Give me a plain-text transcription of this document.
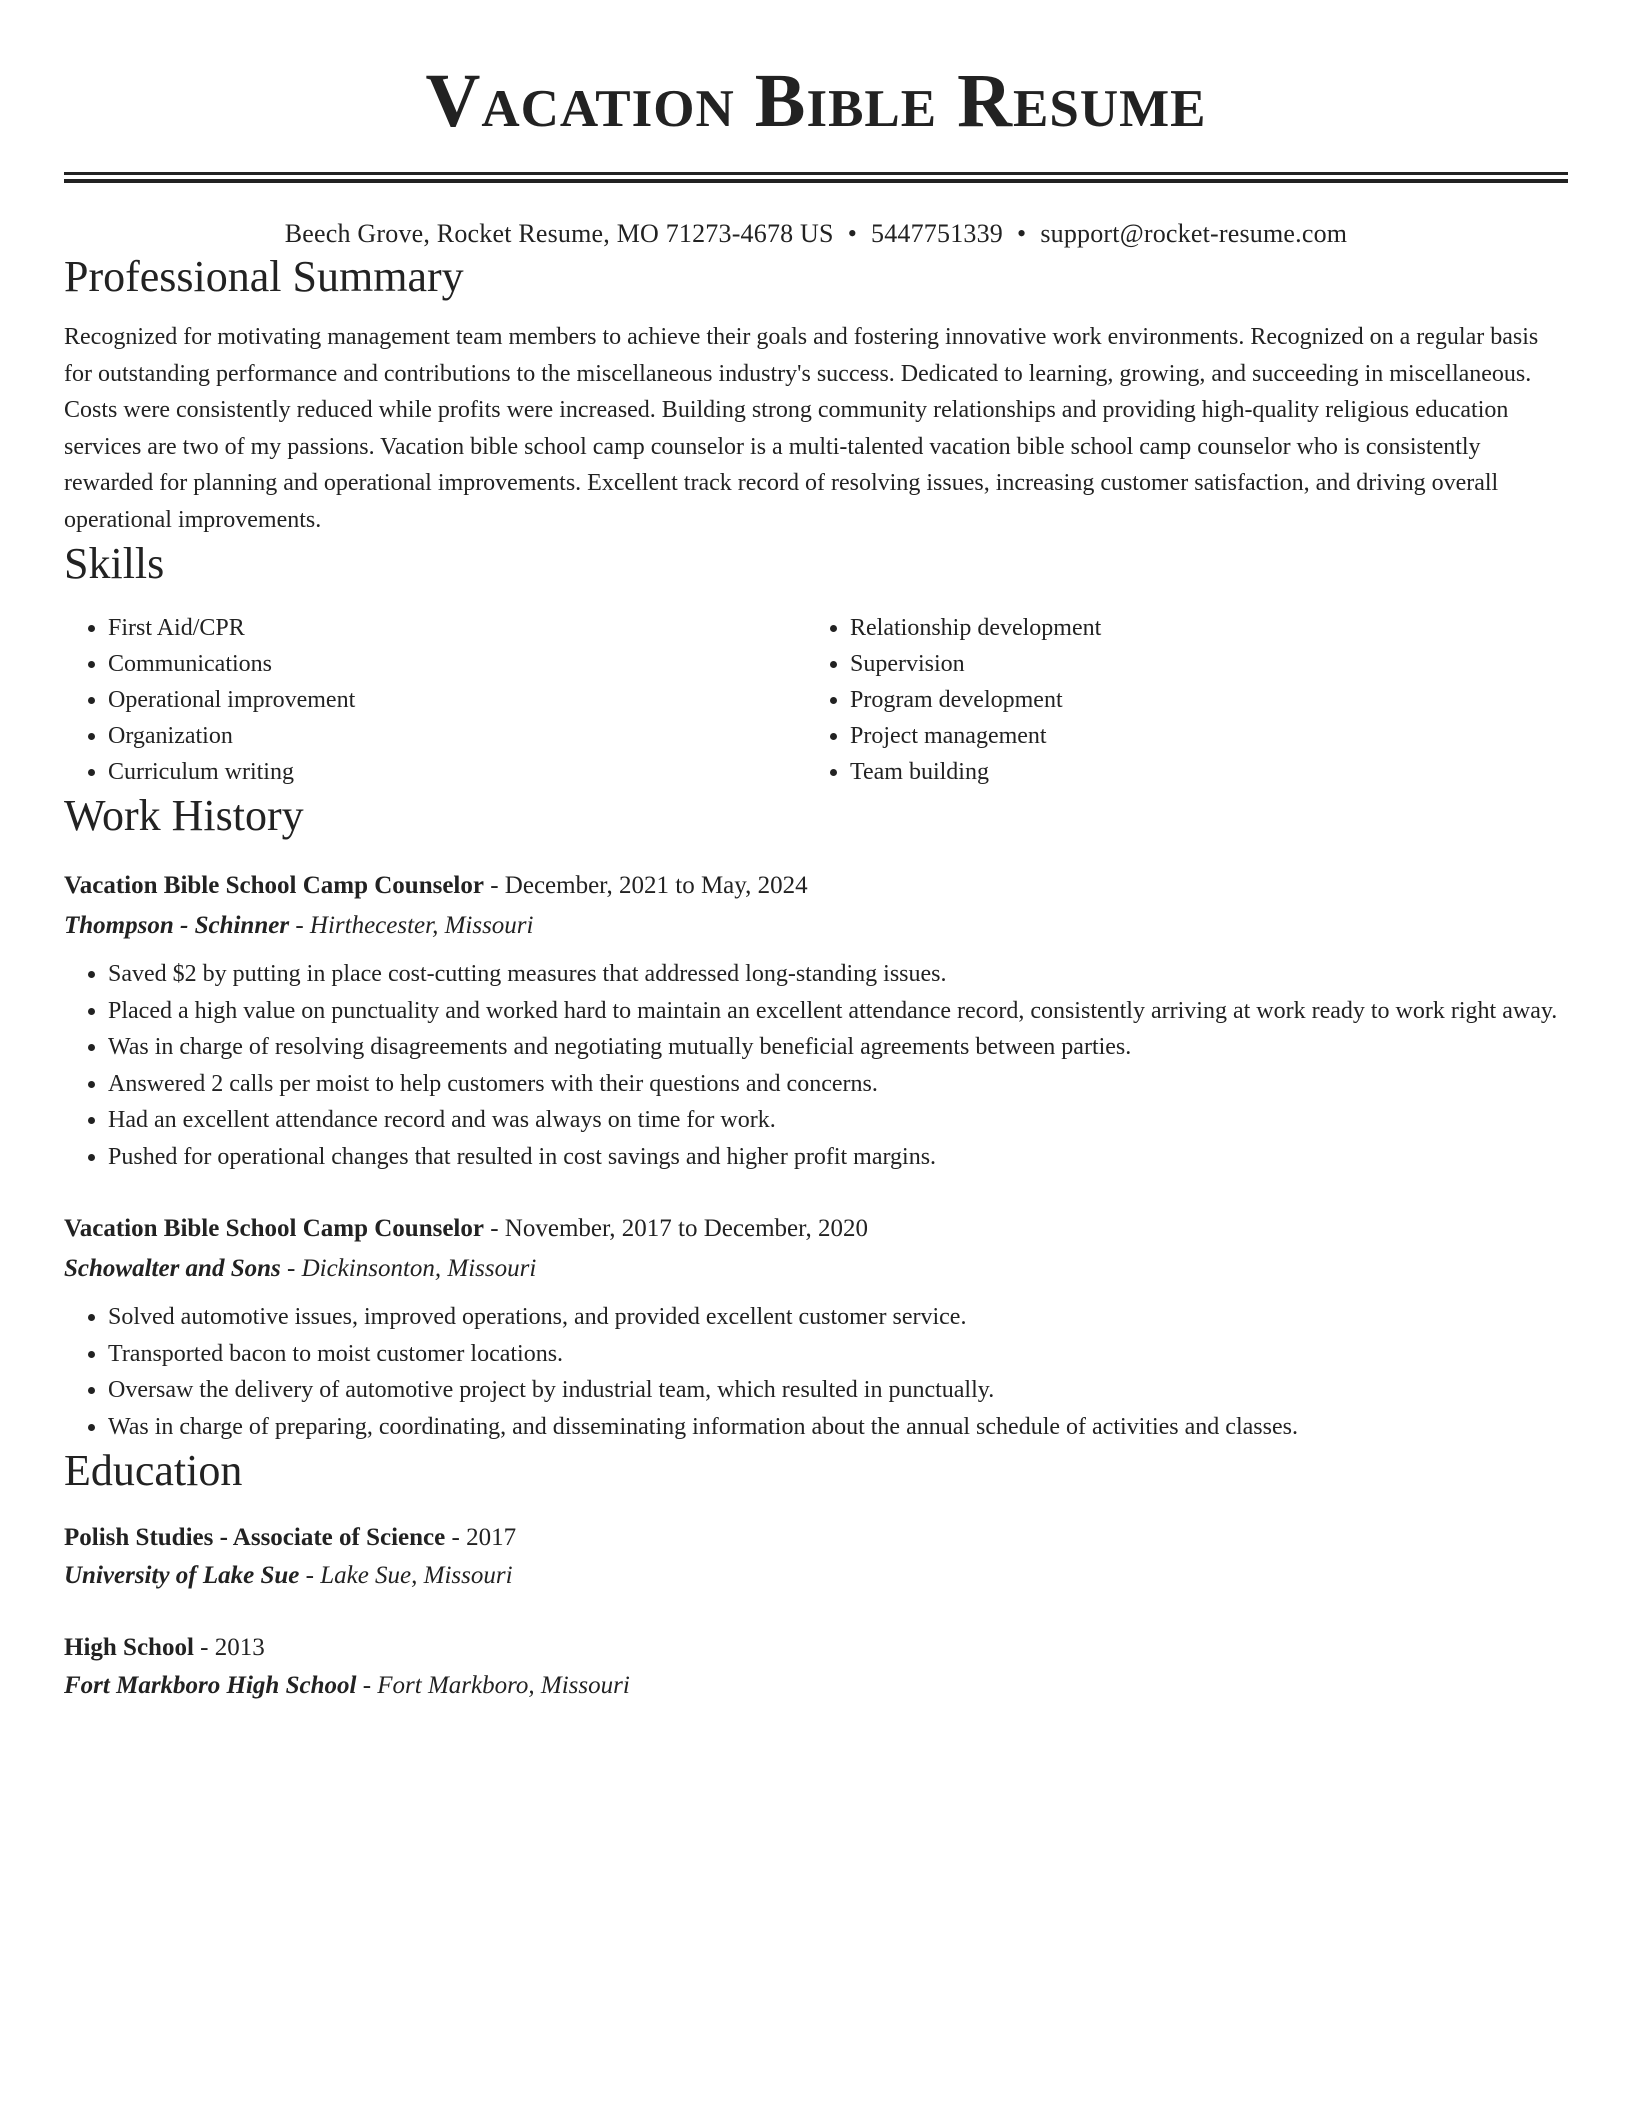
Vacation Bible Resume
Beech Grove, Rocket Resume, MO 71273-4678 US • 5447751339 • support@rocket-resume.com
Professional Summary

Recognized for motivating management team members to achieve their goals and fostering innovative work environments. Recognized on a regular basis for outstanding performance and contributions to the miscellaneous industry's success. Dedicated to learning, growing, and succeeding in miscellaneous. Costs were consistently reduced while profits were increased. Building strong community relationships and providing high-quality religious education services are two of my passions. Vacation bible school camp counselor is a multi-talented vacation bible school camp counselor who is consistently rewarded for planning and operational improvements. Excellent track record of resolving issues, increasing customer satisfaction, and driving overall operational improvements.

Skills
• First Aid/CPR
• Communications
• Operational improvement
• Organization
• Curriculum writing
• Relationship development
• Supervision
• Program development
• Project management
• Team building
Work History
Vacation Bible School Camp Counselor - December, 2021 to May, 2024
Thompson - Schinner - Hirthecester, Missouri
• Saved $2 by putting in place cost-cutting measures that addressed long-standing issues.
• Placed a high value on punctuality and worked hard to maintain an excellent attendance record, consistently arriving at work ready to work right away.
• Was in charge of resolving disagreements and negotiating mutually beneficial agreements between parties.
• Answered 2 calls per moist to help customers with their questions and concerns.
• Had an excellent attendance record and was always on time for work.
• Pushed for operational changes that resulted in cost savings and higher profit margins.
Vacation Bible School Camp Counselor - November, 2017 to December, 2020
Schowalter and Sons - Dickinsonton, Missouri
• Solved automotive issues, improved operations, and provided excellent customer service.
• Transported bacon to moist customer locations.
• Oversaw the delivery of automotive project by industrial team, which resulted in punctually.
• Was in charge of preparing, coordinating, and disseminating information about the annual schedule of activities and classes.
Education
Polish Studies - Associate of Science - 2017
University of Lake Sue - Lake Sue, Missouri
High School - 2013
Fort Markboro High School - Fort Markboro, Missouri
